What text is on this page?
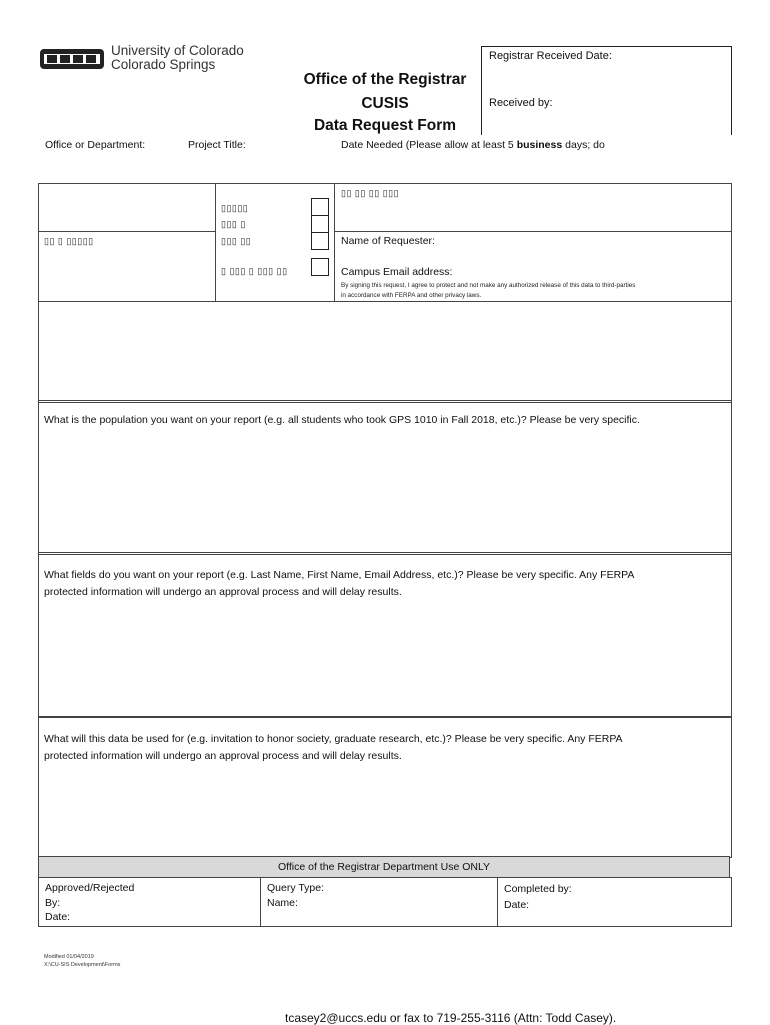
University of Colorado
Colorado Springs
Office of the Registrar
CUSIS
Data Request Form
Registrar Received Date:
Received by:
Office or Department:	Project Title:	Date Needed (Please allow at least 5 business days; do
▯▯ ▯ ▯▯▯▯▯
▯▯▯▯▯
▯▯▯ ▯
▯▯▯ ▯▯
▯ ▯▯▯ ▯ ▯▯▯ ▯▯
▯▯ ▯▯ ▯▯ ▯▯▯
Name of Requester:
Campus Email address:
By signing this request, I agree to protect and not make any authorized release of this data to third-parties
in accordance with FERPA and other privacy laws.
What is the population you want on your report (e.g. all students who took GPS 1010 in Fall 2018, etc.)? Please be very specific.
What fields do you want on your report (e.g. Last Name, First Name, Email Address, etc.)? Please be very specific. Any FERPA
protected information will undergo an approval process and will delay results.
What will this data be used for (e.g. invitation to honor society, graduate research, etc.)? Please be very specific. Any FERPA
protected information will undergo an approval process and will delay results.
Office of the Registrar Department Use ONLY
Approved/Rejected
By:
Date:
Query Type:
Name:
Completed by:
Date:
Modified 01/04/2019
X:\CU-SIS Development\Forms
tcasey2@uccs.edu or fax to 719-255-3116 (Attn: Todd Casey).
